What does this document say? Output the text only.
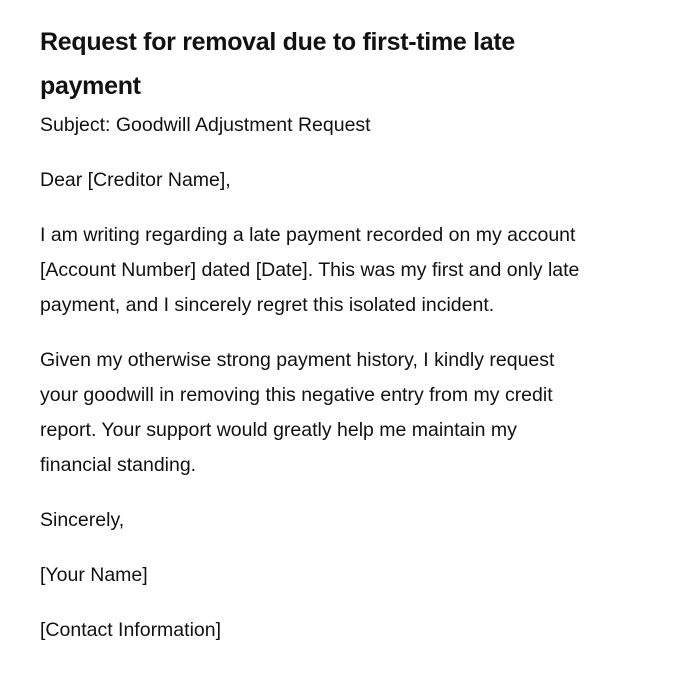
Request for removal due to first-time late
payment

Subject: Goodwill Adjustment Request

Dear [Creditor Name],

I am writing regarding a late payment recorded on my account
[Account Number] dated [Date]. This was my first and only late
payment, and I sincerely regret this isolated incident.

Given my otherwise strong payment history, I kindly request
your goodwill in removing this negative entry from my credit
report. Your support would greatly help me maintain my
financial standing.

Sincerely,

[Your Name]

[Contact Information]
